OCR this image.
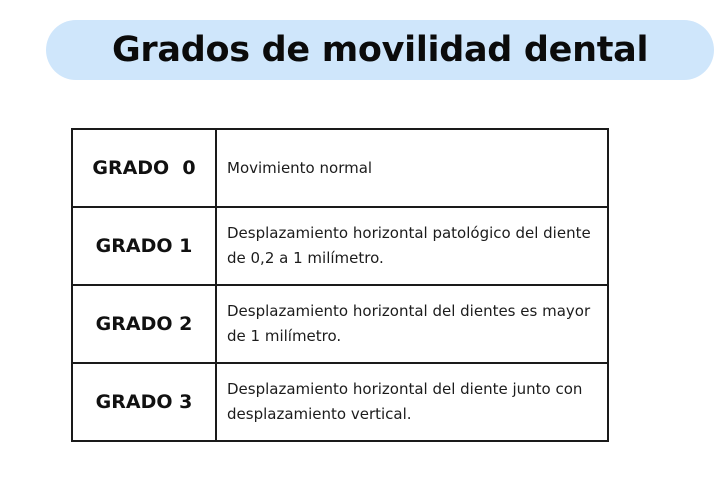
Grados de movilidad dental
GRADO  0	Movimiento normal
GRADO 1	Desplazamiento horizontal patológico del diente de 0,2 a 1 milímetro.
GRADO 2	Desplazamiento horizontal del dientes es mayor de 1 milímetro.
GRADO 3	Desplazamiento horizontal del diente junto con desplazamiento vertical.
